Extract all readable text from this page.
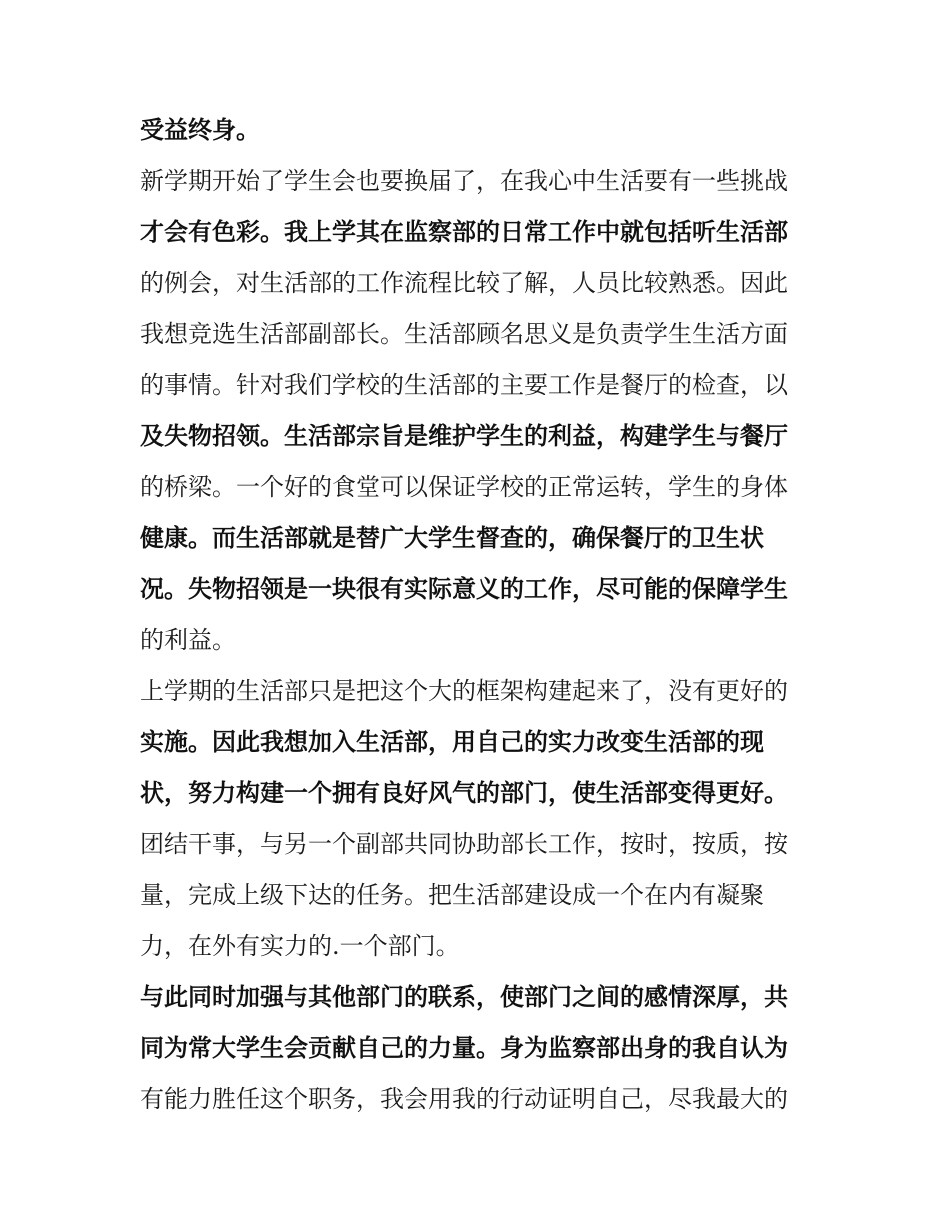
受益终身。
新学期开始了学生会也要换届了，在我心中生活要有一些挑战
才会有色彩。我上学其在监察部的日常工作中就包括听生活部
的例会，对生活部的工作流程比较了解，人员比较熟悉。因此
我想竞选生活部副部长。生活部顾名思义是负责学生生活方面
的事情。针对我们学校的生活部的主要工作是餐厅的检查，以
及失物招领。生活部宗旨是维护学生的利益，构建学生与餐厅
的桥梁。一个好的食堂可以保证学校的正常运转，学生的身体
健康。而生活部就是替广大学生督查的，确保餐厅的卫生状
况。失物招领是一块很有实际意义的工作，尽可能的保障学生
的利益。
上学期的生活部只是把这个大的框架构建起来了，没有更好的
实施。因此我想加入生活部，用自己的实力改变生活部的现
状，努力构建一个拥有良好风气的部门，使生活部变得更好。
团结干事，与另一个副部共同协助部长工作，按时，按质，按
量，完成上级下达的任务。把生活部建设成一个在内有凝聚
力，在外有实力的.一个部门。
与此同时加强与其他部门的联系，使部门之间的感情深厚，共
同为常大学生会贡献自己的力量。身为监察部出身的我自认为
有能力胜任这个职务，我会用我的行动证明自己，尽我最大的
